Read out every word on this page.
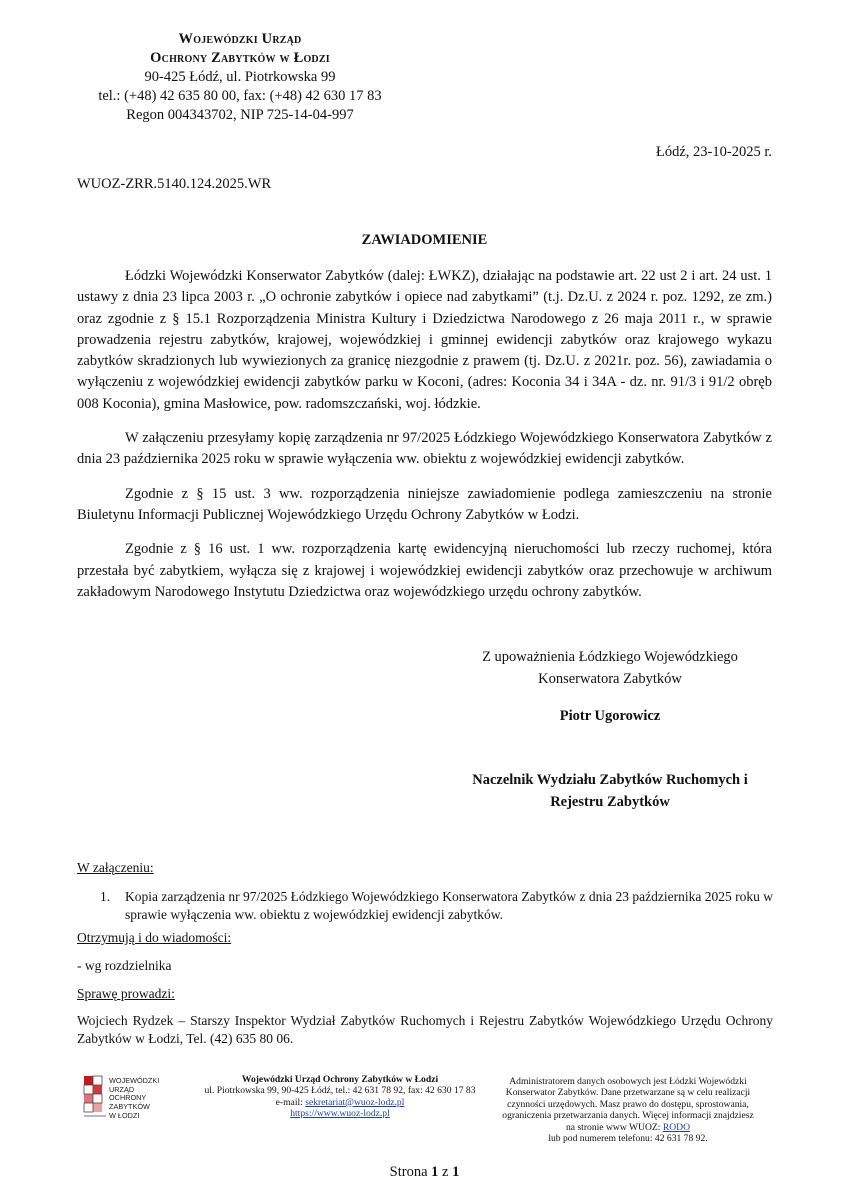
Wojewódzki Urząd
Ochrony Zabytków w Łodzi
90-425 Łódź, ul. Piotrkowska 99
tel.: (+48) 42 635 80 00, fax: (+48) 42 630 17 83
Regon 004343702, NIP 725-14-04-997
Łódź, 23-10-2025 r.
WUOZ-ZRR.5140.124.2025.WR
ZAWIADOMIENIE

Łódzki Wojewódzki Konserwator Zabytków (dalej: ŁWKZ), działając na podstawie art. 22 ust 2 i art. 24 ust. 1 ustawy z dnia 23 lipca 2003 r. „O ochronie zabytków i opiece nad zabytkami” (t.j. Dz.U. z 2024 r. poz. 1292, ze zm.) oraz zgodnie z § 15.1 Rozporządzenia Ministra Kultury i Dziedzictwa Narodowego z 26 maja 2011 r., w sprawie prowadzenia rejestru zabytków, krajowej, wojewódzkiej i gminnej ewidencji zabytków oraz krajowego wykazu zabytków skradzionych lub wywiezionych za granicę niezgodnie z prawem (tj. Dz.U. z 2021r. poz. 56), zawiadamia o wyłączeniu z wojewódzkiej ewidencji zabytków parku w Koconi, (adres: Koconia 34 i 34A - dz. nr. 91/3 i 91/2 obręb 008 Koconia), gmina Masłowice, pow. radomszczański, woj. łódzkie.

W załączeniu przesyłamy kopię zarządzenia nr 97/2025 Łódzkiego Wojewódzkiego Konserwatora Zabytków z dnia 23 października 2025 roku w sprawie wyłączenia ww. obiektu z wojewódzkiej ewidencji zabytków.

Zgodnie z § 15 ust. 3 ww. rozporządzenia niniejsze zawiadomienie podlega zamieszczeniu na stronie Biuletynu Informacji Publicznej Wojewódzkiego Urzędu Ochrony Zabytków w Łodzi.

Zgodnie z § 16 ust. 1 ww. rozporządzenia kartę ewidencyjną nieruchomości lub rzeczy ruchomej, która przestała być zabytkiem, wyłącza się z krajowej i wojewódzkiej ewidencji zabytków oraz przechowuje w archiwum zakładowym Narodowego Instytutu Dziedzictwa oraz wojewódzkiego urzędu ochrony zabytków.

Z upoważnienia Łódzkiego Wojewódzkiego
Konserwatora Zabytków
Piotr Ugorowicz
Naczelnik Wydziału Zabytków Ruchomych i
Rejestru Zabytków
W załączeniu:
1. Kopia zarządzenia nr 97/2025 Łódzkiego Wojewódzkiego Konserwatora Zabytków z dnia 23 października 2025 roku w sprawie wyłączenia ww. obiektu z wojewódzkiej ewidencji zabytków.
Otrzymują i do wiadomości:
- wg rozdzielnika
Sprawę prowadzi:
Wojciech Rydzek – Starszy Inspektor Wydział Zabytków Ruchomych i Rejestru Zabytków Wojewódzkiego Urzędu Ochrony Zabytków w Łodzi, Tel. (42) 635 80 06.
WOJEWÓDZKI
URZĄD
OCHRONY
ZABYTKÓW
W ŁODZI
Wojewódzki Urząd Ochrony Zabytków w Łodzi
ul. Piotrkowska 99, 90-425 Łódź, tel.: 42 631 78 92, fax: 42 630 17 83
e-mail: sekretariat@wuoz-lodz.pl
https://www.wuoz-lodz.pl
Administratorem danych osobowych jest Łódzki Wojewódzki Konserwator Zabytków. Dane przetwarzane są w celu realizacji czynności urzędowych. Masz prawo do dostępu, sprostowania, ograniczenia przetwarzania danych. Więcej informacji znajdziesz na stronie www WUOZ: RODO
lub pod numerem telefonu: 42 631 78 92.
Strona 1 z 1
